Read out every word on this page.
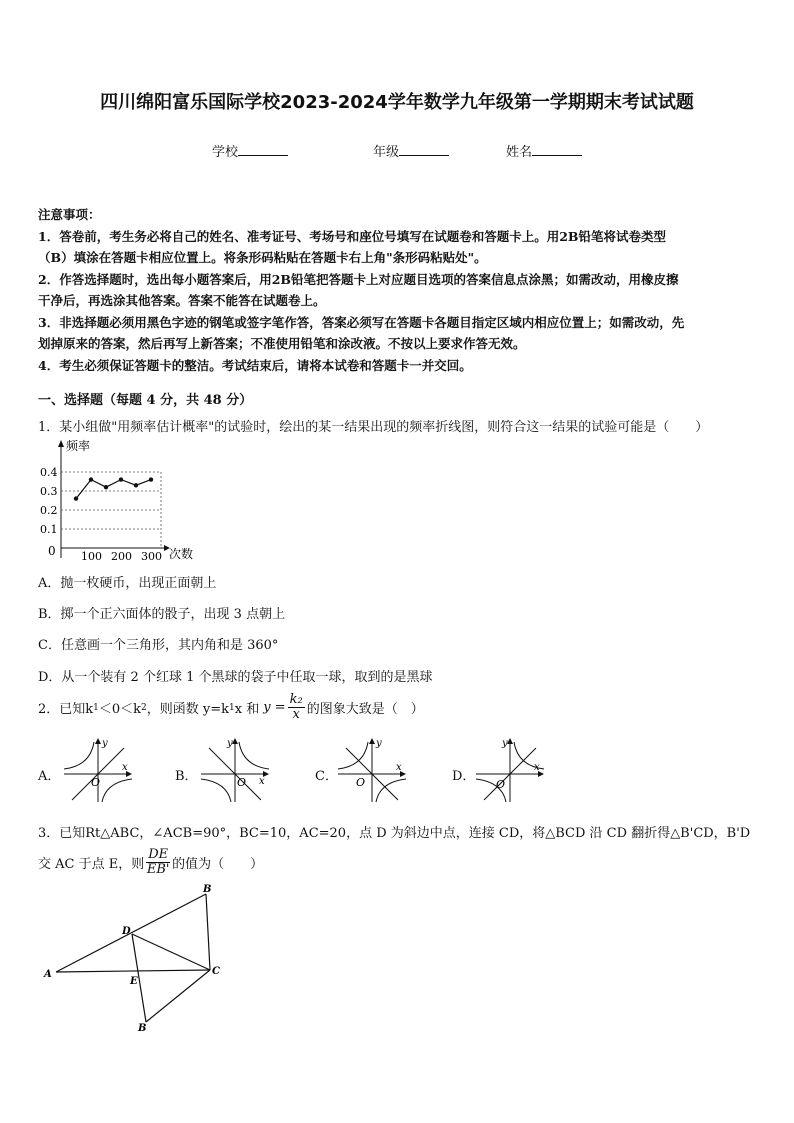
四川绵阳富乐国际学校2023-2024学年数学九年级第一学期期末考试试题
学校	年级	姓名

注意事项：

1．答卷前，考生务必将自己的姓名、准考证号、考场号和座位号填写在试题卷和答题卡上。用2B铅笔将试卷类型

（B）填涂在答题卡相应位置上。将条形码粘贴在答题卡右上角"条形码粘贴处"。

2．作答选择题时，选出每小题答案后，用2B铅笔把答题卡上对应题目选项的答案信息点涂黑；如需改动，用橡皮擦

干净后，再选涂其他答案。答案不能答在试题卷上。

3．非选择题必须用黑色字迹的钢笔或签字笔作答，答案必须写在答题卡各题目指定区域内相应位置上；如需改动，先

划掉原来的答案，然后再写上新答案；不准使用铅笔和涂改液。不按以上要求作答无效。

4．考生必须保证答题卡的整洁。考试结束后，请将本试卷和答题卡一并交回。

一、选择题（每题 4 分，共 48 分）
1．某小组做"用频率估计概率"的试验时，绘出的某一结果出现的频率折线图，则符合这一结果的试验可能是（　　）
频率
次数
0
0.4
0.3
0.2
0.1
100 200 300
A．抛一枚硬币，出现正面朝上
B．掷一个正六面体的骰子，出现 3 点朝上
C．任意画一个三角形，其内角和是 360°
D．从一个装有 2 个红球 1 个黑球的袋子中任取一球，取到的是黑球
2．已知k 1 ＜0＜k 2 ，则函数 y=k 1 x 和 $y = \frac{\text{k₂}}{x}$ 的图象大致是（　）
A．
y
x
O	B．
y
x
O	C．
y
x
O	D．
y
x
O
3．已知Rt△ABC，∠ACB=90°，BC=10，AC=20，点 D 为斜边中点，连接 CD，将△BCD 沿 CD 翻折得△B'CD，B'D
交 AC 于点 E，则 $\frac{DE}{EB'}$ 的值为（　　）
A
B
C
D
E
B
